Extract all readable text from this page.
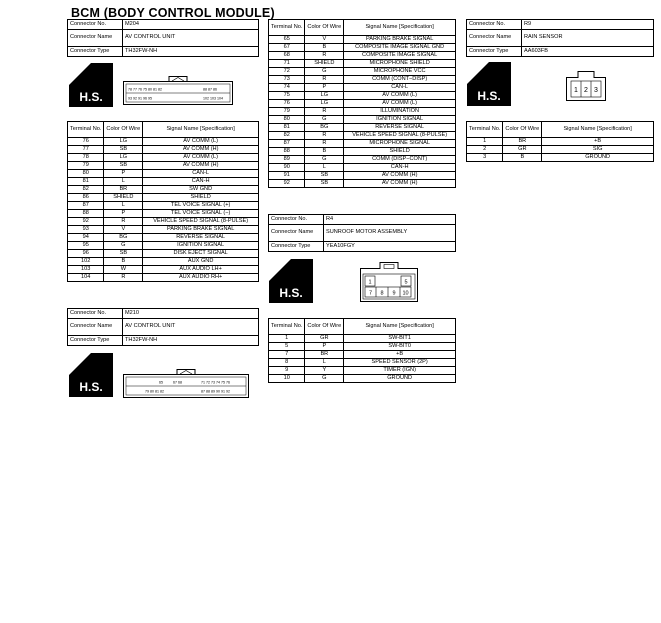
BCM (BODY CONTROL MODULE)
Connector No.	M204
Connector Name	AV CONTROL UNIT
Connector Type	TH32FW-NH
H.S.
78 77 76 75 80 81 82	88 87 86
93 92 91 96 95	102 103 104
Terminal No.	Color Of Wire	Signal Name [Specification]
76	LG	AV COMM (L)
77	SB	AV COMM (H)
78	LG	AV COMM (L)
79	SB	AV COMM (H)
80	P	CAN-L
81	L	CAN-H
82	BR	SW GND
86	SHIELD	SHIELD
87	L	TEL VOICE SIGNAL (+)
88	P	TEL VOICE SIGNAL (−)
92	R	VEHICLE SPEED SIGNAL (8-PULSE)
93	V	PARKING BRAKE SIGNAL
94	BG	REVERSE SIGNAL
95	G	IGNITION SIGNAL
96	SB	DISK EJECT SIGNAL
102	B	AUX GND
103	W	AUX AUDIO LH+
104	R	AUX AUDIO RH+
Connector No.	M210
Connector Name	AV CONTROL UNIT
Connector Type	TH32FW-NH
H.S.	65	67 68	71 72 73 74 75 76
79 80 81 82	87 88 89 90 91 92
Terminal No.	Color Of Wire	Signal Name [Specification]
65	V	PARKING BRAKE SIGNAL
67	B	COMPOSITE IMAGE SIGNAL GND
68	R	COMPOSITE IMAGE SIGNAL
71	SHIELD	MICROPHONE SHIELD
72	G	MICROPHONE VCC
73	R	COMM (CONT−DISP)
74	P	CAN-L
75	LG	AV COMM (L)
76	LG	AV COMM (L)
79	R	ILLUMINATION
80	G	IGNITION SIGNAL
81	BG	REVERSE SIGNAL
82	R	VEHICLE SPEED SIGNAL (8-PULSE)
87	R	MICROPHONE SIGNAL
88	B	SHIELD
89	G	COMM (DISP−CONT)
90	L	CAN-H
91	SB	AV COMM (H)
92	SB	AV COMM (H)
Connector No.	R4
Connector Name	SUNROOF MOTOR ASSEMBLY
Connector Type	YEA10FGY
H.S.
1	5
7 8 9 10
Terminal No.	Color Of Wire	Signal Name [Specification]
1	GR	SW-BIT1
5	P	SW-BIT0
7	BR	+B
8	L	SPEED SENSOR (2P)
9	Y	TIMER (IGN)
10	G	GROUND
Connector No.	R9
Connector Name	RAIN SENSOR
Connector Type	AA603FB
H.S.	1 2 3
Terminal No.	Color Of Wire	Signal Name [Specification]
1	BR	+B
2	GR	SIG
3	B	GROUND
